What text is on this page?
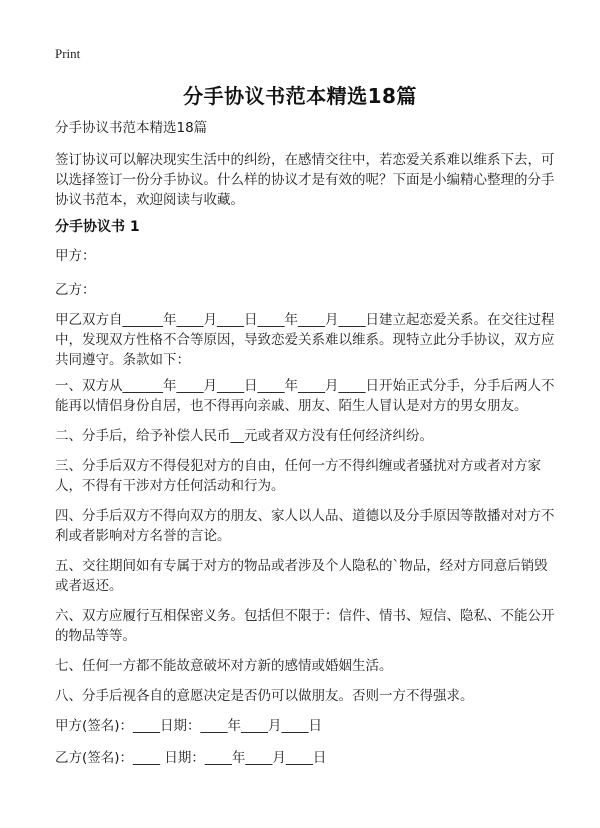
Print
分手协议书范本精选18篇
分手协议书范本精选18篇
签订协议可以解决现实生活中的纠纷，在感情交往中，若恋爱关系难以维系下去，可以选择签订一份分手协议。什么样的协议才是有效的呢？下面是小编精心整理的分手协议书范本，欢迎阅读与收藏。
分手协议书 1
甲方：
乙方：
甲乙双方自______年____月____日____年____月____日建立起恋爱关系。在交往过程中，发现双方性格不合等原因，导致恋爱关系难以维系。现特立此分手协议，双方应共同遵守。条款如下：
一、双方从______年____月____日____年____月____日开始正式分手，分手后两人不能再以情侣身份自居，也不得再向亲戚、朋友、陌生人冒认是对方的男女朋友。
二、分手后，给予补偿人民币__元或者双方没有任何经济纠纷。
三、分手后双方不得侵犯对方的自由，任何一方不得纠缠或者骚扰对方或者对方家人，不得有干涉对方任何活动和行为。
四、分手后双方不得向双方的朋友、家人以人品、道德以及分手原因等散播对对方不利或者影响对方名誉的言论。
五、交往期间如有专属于对方的物品或者涉及个人隐私的`物品，经对方同意后销毁或者返还。
六、双方应履行互相保密义务。包括但不限于：信件、情书、短信、隐私、不能公开的物品等等。
七、任何一方都不能故意破坏对方新的感情或婚姻生活。
八、分手后视各自的意愿决定是否仍可以做朋友。否则一方不得强求。
甲方(签名)：____日期：____年____月____日
乙方(签名)：____ 日期：____年____月____日
